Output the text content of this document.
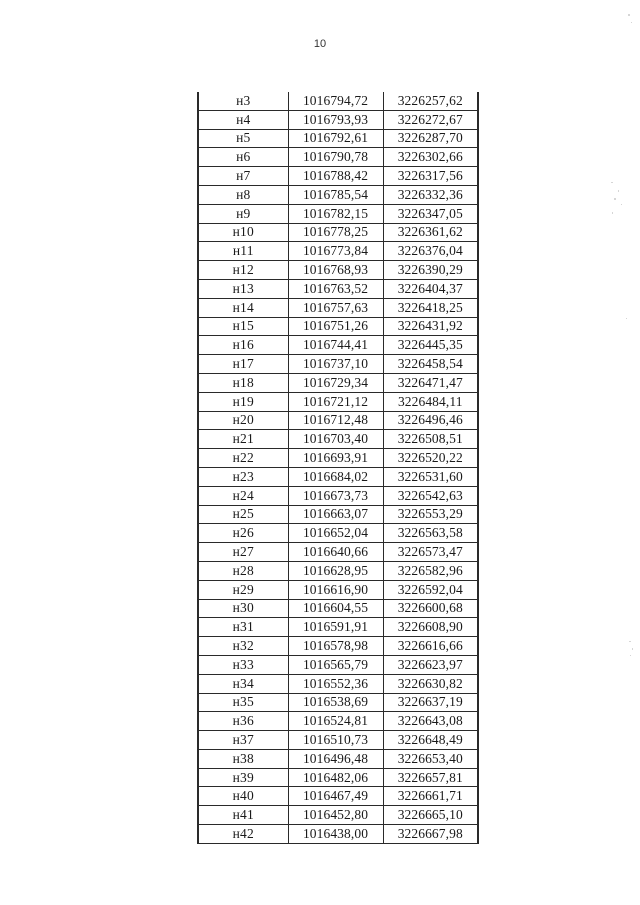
10
н3	1016794,72	3226257,62
н4	1016793,93	3226272,67
н5	1016792,61	3226287,70
н6	1016790,78	3226302,66
н7	1016788,42	3226317,56
н8	1016785,54	3226332,36
н9	1016782,15	3226347,05
н10	1016778,25	3226361,62
н11	1016773,84	3226376,04
н12	1016768,93	3226390,29
н13	1016763,52	3226404,37
н14	1016757,63	3226418,25
н15	1016751,26	3226431,92
н16	1016744,41	3226445,35
н17	1016737,10	3226458,54
н18	1016729,34	3226471,47
н19	1016721,12	3226484,11
н20	1016712,48	3226496,46
н21	1016703,40	3226508,51
н22	1016693,91	3226520,22
н23	1016684,02	3226531,60
н24	1016673,73	3226542,63
н25	1016663,07	3226553,29
н26	1016652,04	3226563,58
н27	1016640,66	3226573,47
н28	1016628,95	3226582,96
н29	1016616,90	3226592,04
н30	1016604,55	3226600,68
н31	1016591,91	3226608,90
н32	1016578,98	3226616,66
н33	1016565,79	3226623,97
н34	1016552,36	3226630,82
н35	1016538,69	3226637,19
н36	1016524,81	3226643,08
н37	1016510,73	3226648,49
н38	1016496,48	3226653,40
н39	1016482,06	3226657,81
н40	1016467,49	3226661,71
н41	1016452,80	3226665,10
н42	1016438,00	3226667,98
